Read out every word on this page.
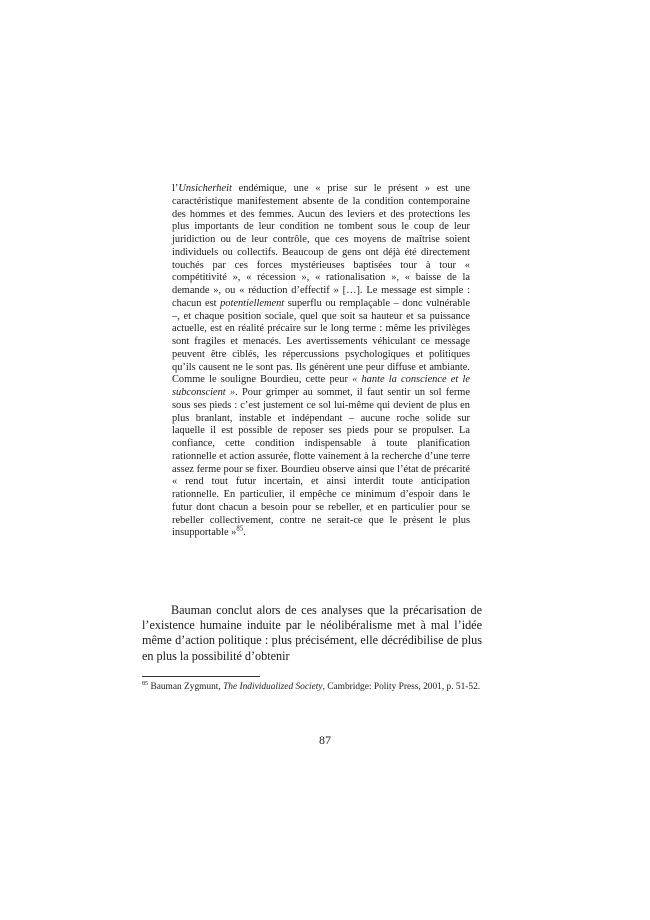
l’Unsicherheit endémique, une « prise sur le présent » est une caractéristique manifestement absente de la condition contemporaine des hommes et des femmes. Aucun des leviers et des protections les plus importants de leur condition ne tombent sous le coup de leur juridiction ou de leur contrôle, que ces moyens de maîtrise soient individuels ou collectifs. Beaucoup de gens ont déjà été directement touchés par ces forces mystérieuses baptisées tour à tour « compétitivité », « récession », « rationalisation », « baisse de la demande », ou « réduction d’effectif » […]. Le message est simple : chacun est potentiellement superflu ou remplaçable – donc vulnérable –, et chaque position sociale, quel que soit sa hauteur et sa puissance actuelle, est en réalité précaire sur le long terme : même les privilèges sont fragiles et menacés. Les avertissements véhiculant ce message peuvent être ciblés, les répercussions psychologiques et politiques qu’ils causent ne le sont pas. Ils génèrent une peur diffuse et ambiante. Comme le souligne Bourdieu, cette peur « hante la conscience et le subconscient ». Pour grimper au sommet, il faut sentir un sol ferme sous ses pieds : c’est justement ce sol lui-même qui devient de plus en plus branlant, instable et indépendant – aucune roche solide sur laquelle il est possible de reposer ses pieds pour se propulser. La confiance, cette condition indispensable à toute planification rationnelle et action assurée, flotte vainement à la recherche d’une terre assez ferme pour se fixer. Bourdieu observe ainsi que l’état de précarité « rend tout futur incertain, et ainsi interdit toute anticipation rationnelle. En particulier, il empêche ce minimum d’espoir dans le futur dont chacun a besoin pour se rebeller, et en particulier pour se rebeller collectivement, contre ne serait-ce que le présent le plus insupportable »$^{85}$.

Bauman conclut alors de ces analyses que la précarisation de l’existence humaine induite par le néolibéralisme met à mal l’idée même d’action politique : plus précisément, elle décrédibilise de plus en plus la possibilité d’obtenir

$^{85}$ Bauman Zygmunt, The Individualized Society, Cambridge: Polity Press, 2001, p. 51-52.

87
